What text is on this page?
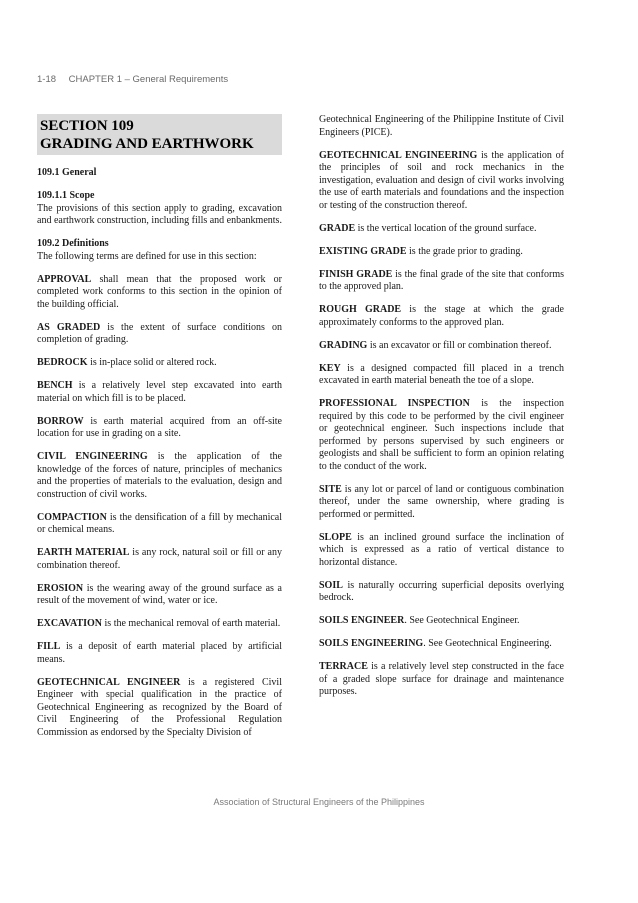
1-18 CHAPTER 1 – General Requirements
SECTION 109
GRADING AND EARTHWORK

109.1 General

109.1.1 Scope

The provisions of this section apply to grading, excavation and earthwork construction, including fills and enbankments.

109.2 Definitions

The following terms are defined for use in this section:

APPROVAL shall mean that the proposed work or completed work conforms to this section in the opinion of the building official.

AS GRADED is the extent of surface conditions on completion of grading.

BEDROCK is in-place solid or altered rock.

BENCH is a relatively level step excavated into earth material on which fill is to be placed.

BORROW is earth material acquired from an off-site location for use in grading on a site.

CIVIL ENGINEERING is the application of the knowledge of the forces of nature, principles of mechanics and the properties of materials to the evaluation, design and construction of civil works.

COMPACTION is the densification of a fill by mechanical or chemical means.

EARTH MATERIAL is any rock, natural soil or fill or any combination thereof.

EROSION is the wearing away of the ground surface as a result of the movement of wind, water or ice.

EXCAVATION is the mechanical removal of earth material.

FILL is a deposit of earth material placed by artificial means.

GEOTECHNICAL ENGINEER is a registered Civil Engineer with special qualification in the practice of Geotechnical Engineering as recognized by the Board of Civil Engineering of the Professional Regulation Commission as endorsed by the Specialty Division of

Geotechnical Engineering of the Philippine Institute of Civil Engineers (PICE).

GEOTECHNICAL ENGINEERING is the application of the principles of soil and rock mechanics in the investigation, evaluation and design of civil works involving the use of earth materials and foundations and the inspection or testing of the construction thereof.

GRADE is the vertical location of the ground surface.

EXISTING GRADE is the grade prior to grading.

FINISH GRADE is the final grade of the site that conforms to the approved plan.

ROUGH GRADE is the stage at which the grade approximately conforms to the approved plan.

GRADING is an excavator or fill or combination thereof.

KEY is a designed compacted fill placed in a trench excavated in earth material beneath the toe of a slope.

PROFESSIONAL INSPECTION is the inspection required by this code to be performed by the civil engineer or geotechnical engineer. Such inspections include that performed by persons supervised by such engineers or geologists and shall be sufficient to form an opinion relating to the conduct of the work.

SITE is any lot or parcel of land or contiguous combination thereof, under the same ownership, where grading is performed or permitted.

SLOPE is an inclined ground surface the inclination of which is expressed as a ratio of vertical distance to horizontal distance.

SOIL is naturally occurring superficial deposits overlying bedrock.

SOILS ENGINEER. See Geotechnical Engineer.

SOILS ENGINEERING. See Geotechnical Engineering.

TERRACE is a relatively level step constructed in the face of a graded slope surface for drainage and maintenance purposes.

Association of Structural Engineers of the Philippines
